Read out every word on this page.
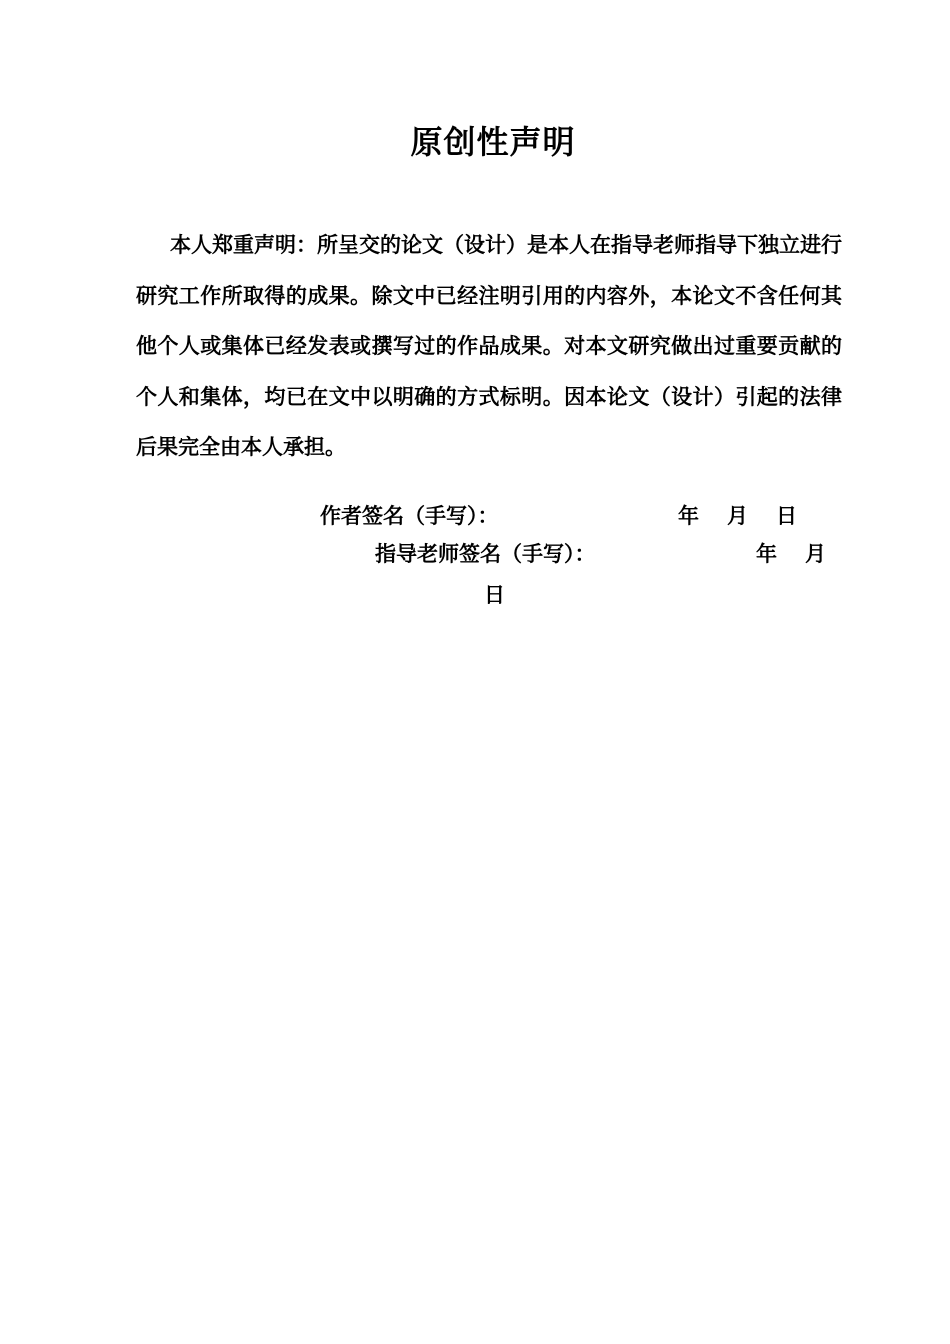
原创性声明

本人郑重声明：所呈交的论文（设计）是本人在指导老师指导下独立进行研究工作所取得的成果。除文中已经注明引用的内容外，本论文不含任何其他个人或集体已经发表或撰写过的作品成果。对本文研究做出过重要贡献的个人和集体，均已在文中以明确的方式标明。因本论文（设计）引起的法律后果完全由本人承担。

作者签名（手写）：	年 月 日
指导老师签名（手写）：	年 月
日
